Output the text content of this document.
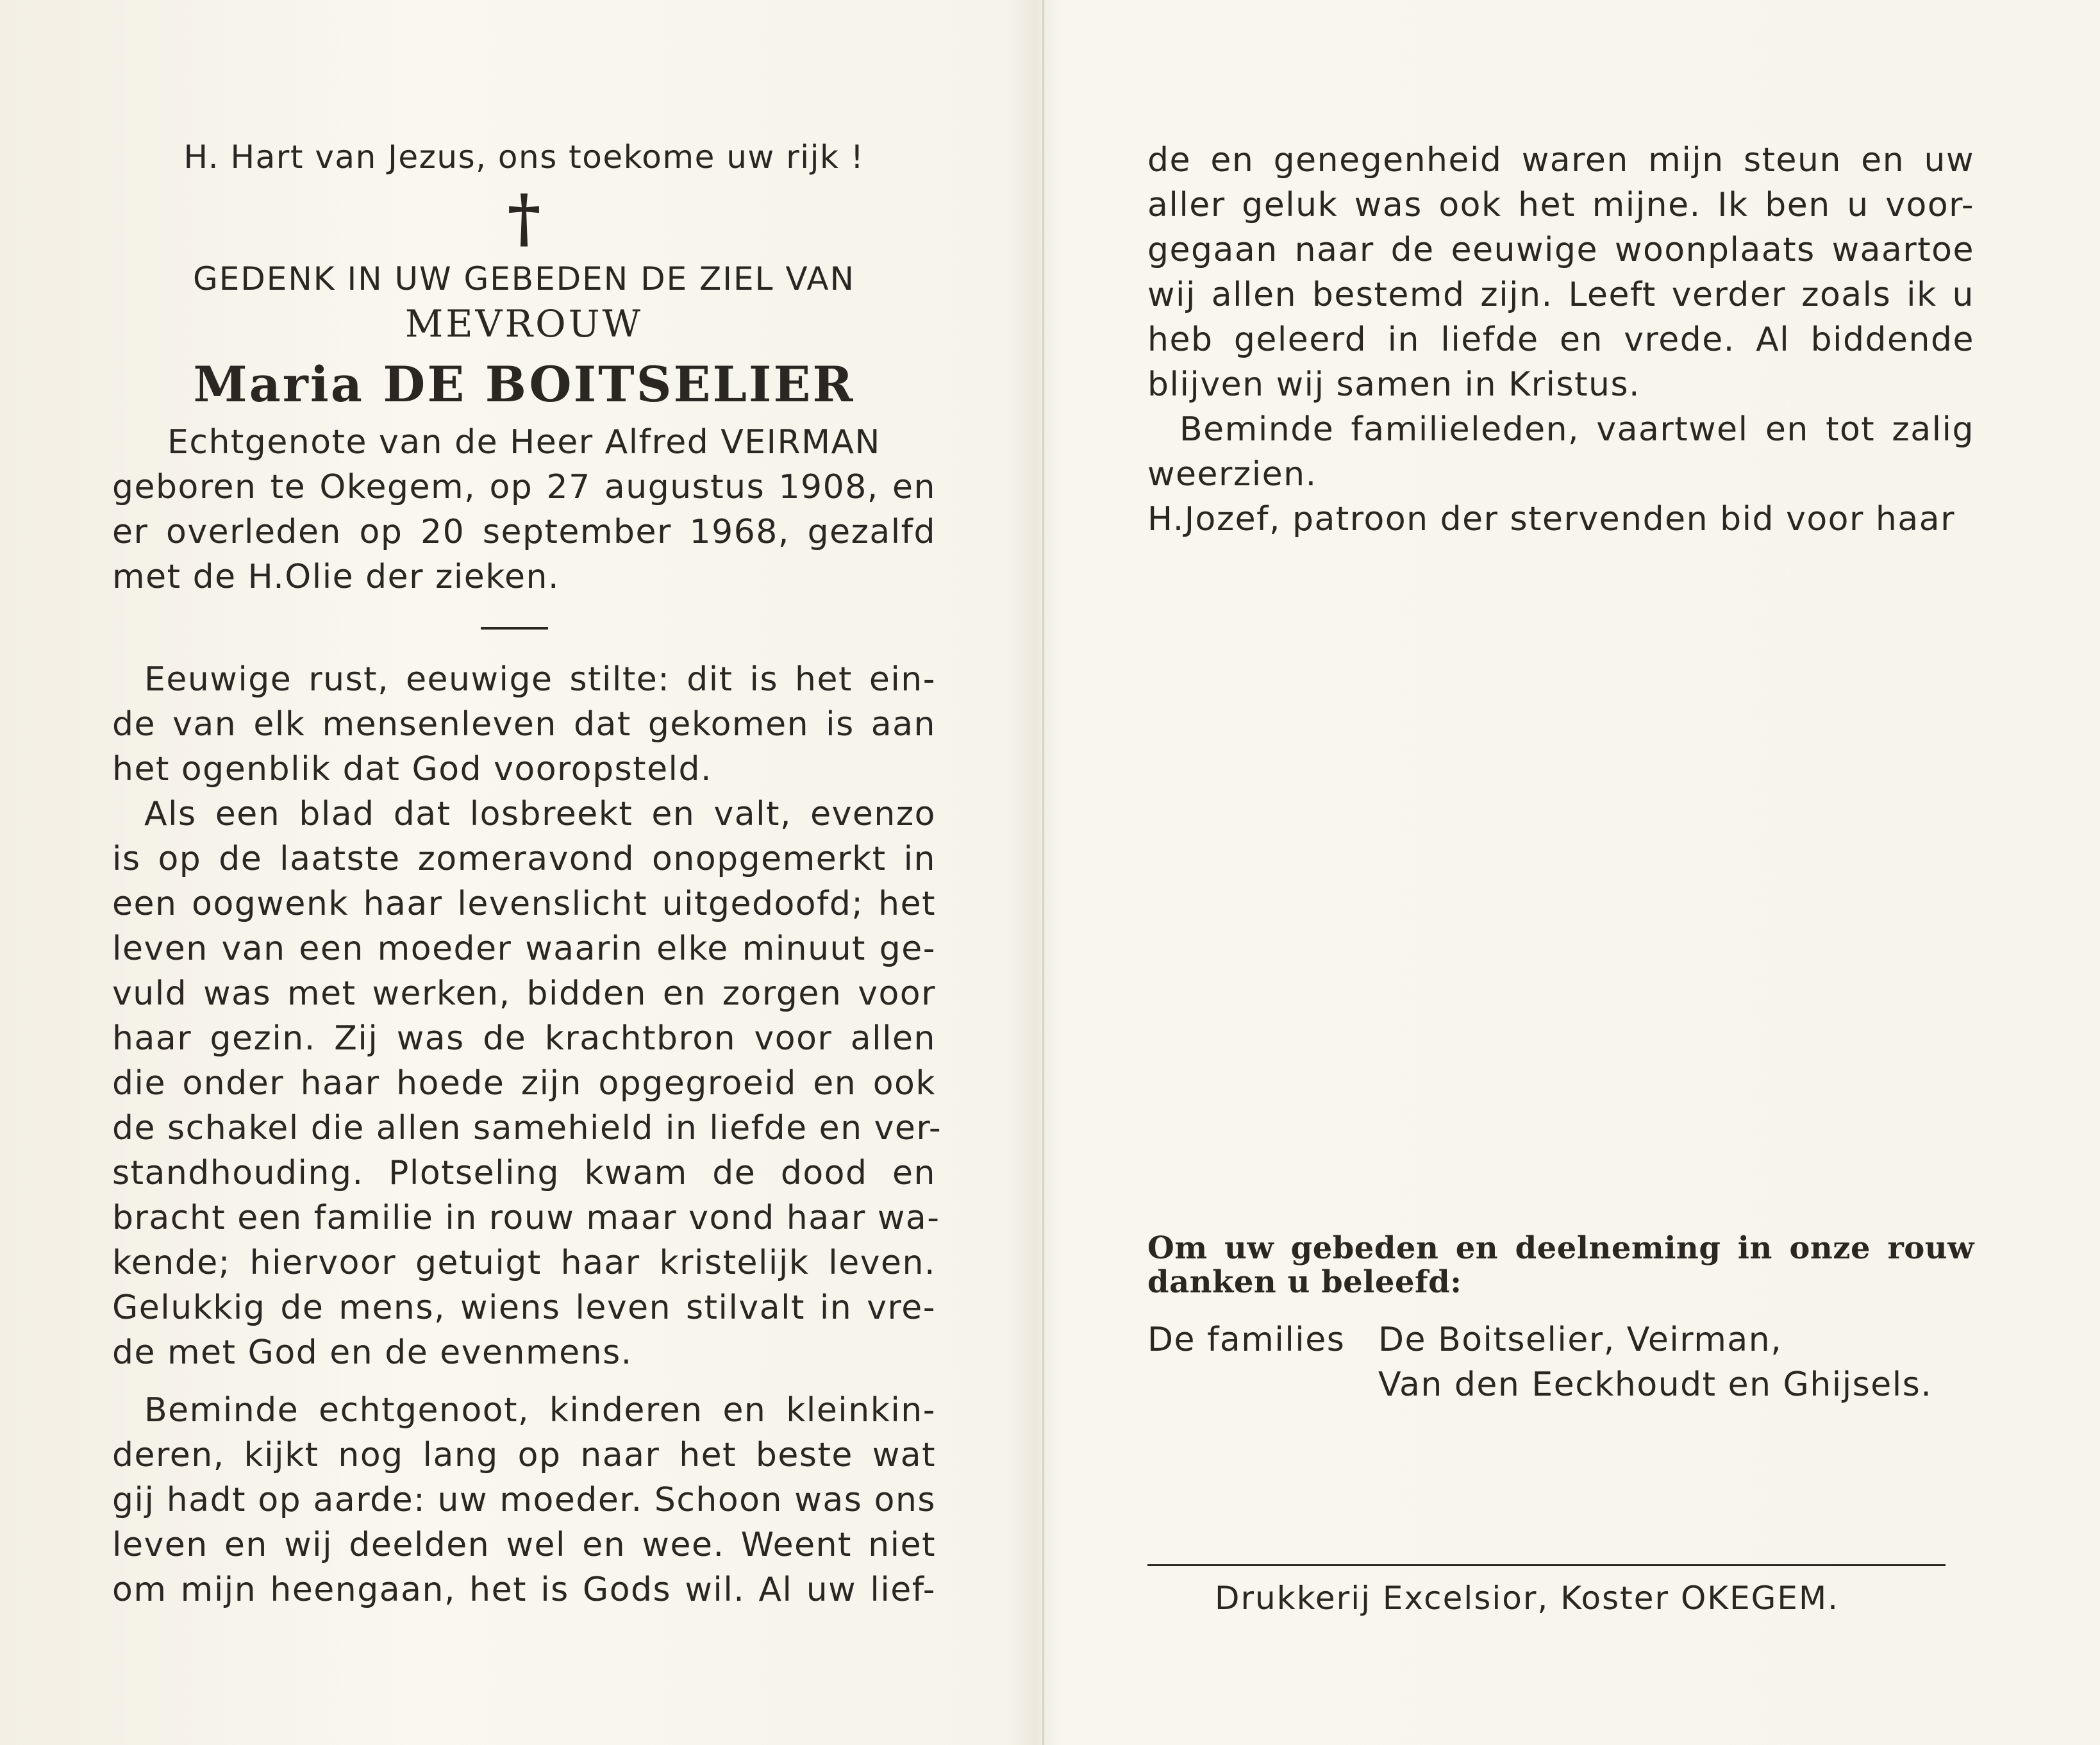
H. Hart van Jezus, ons toekome uw rijk !
†
GEDENK IN UW GEBEDEN DE ZIEL VAN
MEVROUW
Maria DE BOITSELIER
Echtgenote van de Heer Alfred VEIRMAN
geboren te Okegem, op 27 augustus 1908, en
er overleden op 20 september 1968, gezalfd
met de H.Olie der zieken.
Eeuwige rust, eeuwige stilte: dit is het ein-
de van elk mensenleven dat gekomen is aan
het ogenblik dat God vooropsteld.
Als een blad dat losbreekt en valt, evenzo
is op de laatste zomeravond onopgemerkt in
een oogwenk haar levenslicht uitgedoofd; het
leven van een moeder waarin elke minuut ge-
vuld was met werken, bidden en zorgen voor
haar gezin. Zij was de krachtbron voor allen
die onder haar hoede zijn opgegroeid en ook
de schakel die allen samehield in liefde en ver-
standhouding. Plotseling kwam de dood en
bracht een familie in rouw maar vond haar wa-
kende; hiervoor getuigt haar kristelijk leven.
Gelukkig de mens, wiens leven stilvalt in vre-
de met God en de evenmens.
Beminde echtgenoot, kinderen en kleinkin-
deren, kijkt nog lang op naar het beste wat
gij hadt op aarde: uw moeder. Schoon was ons
leven en wij deelden wel en wee. Weent niet
om mijn heengaan, het is Gods wil. Al uw lief-
de en genegenheid waren mijn steun en uw
aller geluk was ook het mijne. Ik ben u voor-
gegaan naar de eeuwige woonplaats waartoe
wij allen bestemd zijn. Leeft verder zoals ik u
heb geleerd in liefde en vrede. Al biddende
blijven wij samen in Kristus.
Beminde familieleden, vaartwel en tot zalig
weerzien.
H.Jozef, patroon der stervenden bid voor haar
Om uw gebeden en deelneming in onze rouw
danken u beleefd:
De families De Boitselier, Veirman,
Van den Eeckhoudt en Ghijsels.
Drukkerij Excelsior, Koster OKEGEM.
